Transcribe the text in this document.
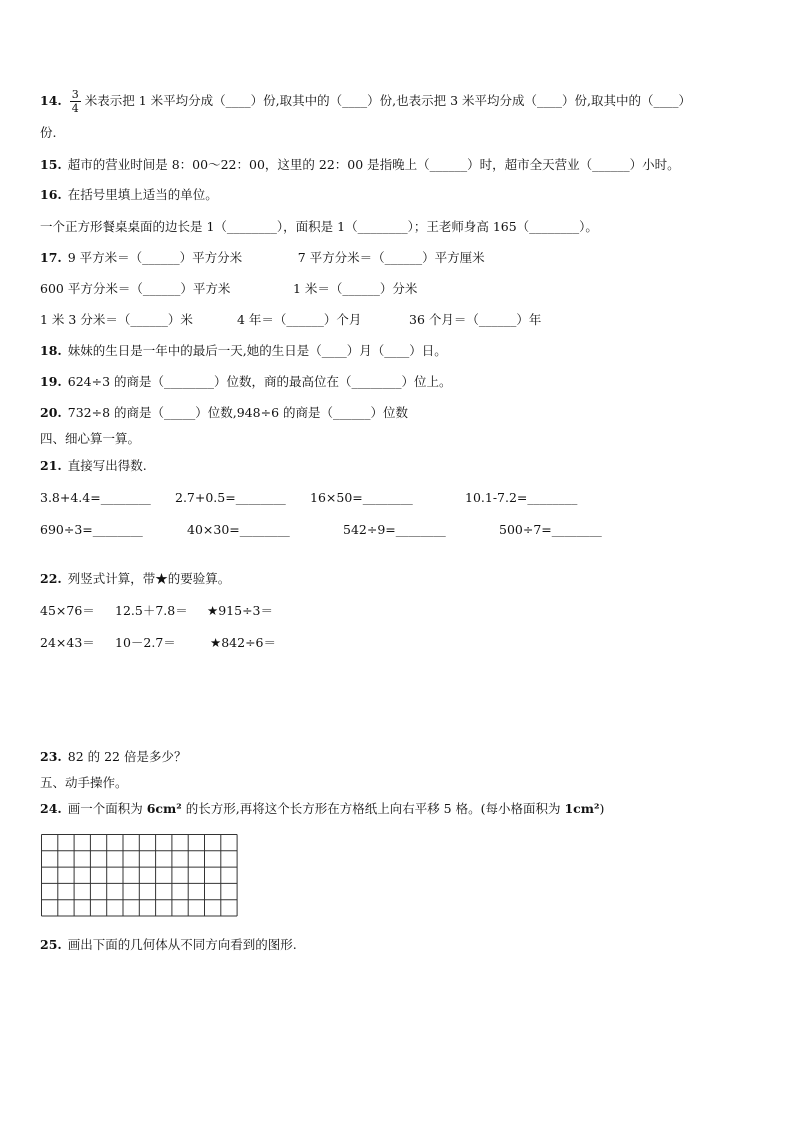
14. $\frac{3}{4}$ 米表示把 1 米平均分成（____）份,取其中的（____）份,也表示把 3 米平均分成（____）份,取其中的（____）
份.
15. 超市的营业时间是 8：00～22：00，这里的 22：00 是指晚上（______）时，超市全天营业（______）小时。
16. 在括号里填上适当的单位。
一个正方形餐桌桌面的边长是 1（________），面积是 1（________）；王老师身高 165（________）。
17. 9 平方米＝（______）平方分米	7 平方分米＝（______）平方厘米
600 平方分米＝（______）平方米	1 米＝（______）分米
1 米 3 分米＝（______）米	4 年＝（______）个月	36 个月＝（______）年
18. 妹妹的生日是一年中的最后一天,她的生日是（____）月（____）日。
19. 624÷3 的商是（________）位数，商的最高位在（________）位上。
20. 732÷8 的商是（_____）位数,948÷6 的商是（______）位数
四、细心算一算。
21. 直接写出得数.
3.8+4.4=________ 2.7+0.5=________ 16×50=________	10.1-7.2=________
690÷3=________	40×30=________	542÷9=________	500÷7=________
22. 列竖式计算，带★的要验算。
45×76＝ 12.5＋7.8＝ ★915÷3＝
24×43＝ 10－2.7＝	★842÷6＝
23. 82 的 22 倍是多少？
五、动手操作。
24. 画一个面积为 6cm² 的长方形,再将这个长方形在方格纸上向右平移 5 格。(每小格面积为 1cm²)
25. 画出下面的几何体从不同方向看到的图形.
